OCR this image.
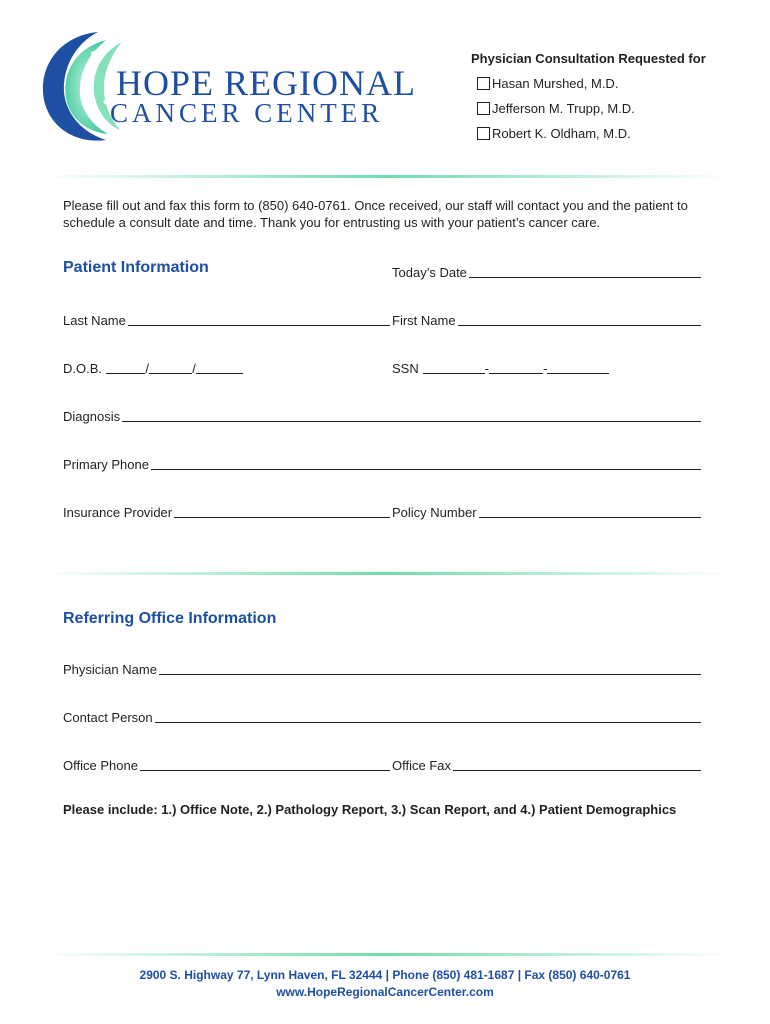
HOPE REGIONAL
CANCER CENTER
Physician Consultation Requested for
Hasan Murshed, M.D.
Jefferson M. Trupp, M.D.
Robert K. Oldham, M.D.
Please fill out and fax this form to (850) 640-0761. Once received, our staff will contact you and the patient to schedule a consult date and time. Thank you for entrusting us with your patient’s cancer care.
Patient Information	Today’s Date
Last Name	First Name
D.O.B.	/	/	SSN	-	-
Diagnosis
Primary Phone
Insurance Provider	Policy Number
Referring Office Information
Physician Name
Contact Person
Office Phone	Office Fax
Please include: 1.) Office Note, 2.) Pathology Report, 3.) Scan Report, and 4.) Patient Demographics
2900 S. Highway 77, Lynn Haven, FL 32444 | Phone (850) 481-1687 | Fax (850) 640-0761
www.HopeRegionalCancerCenter.com
